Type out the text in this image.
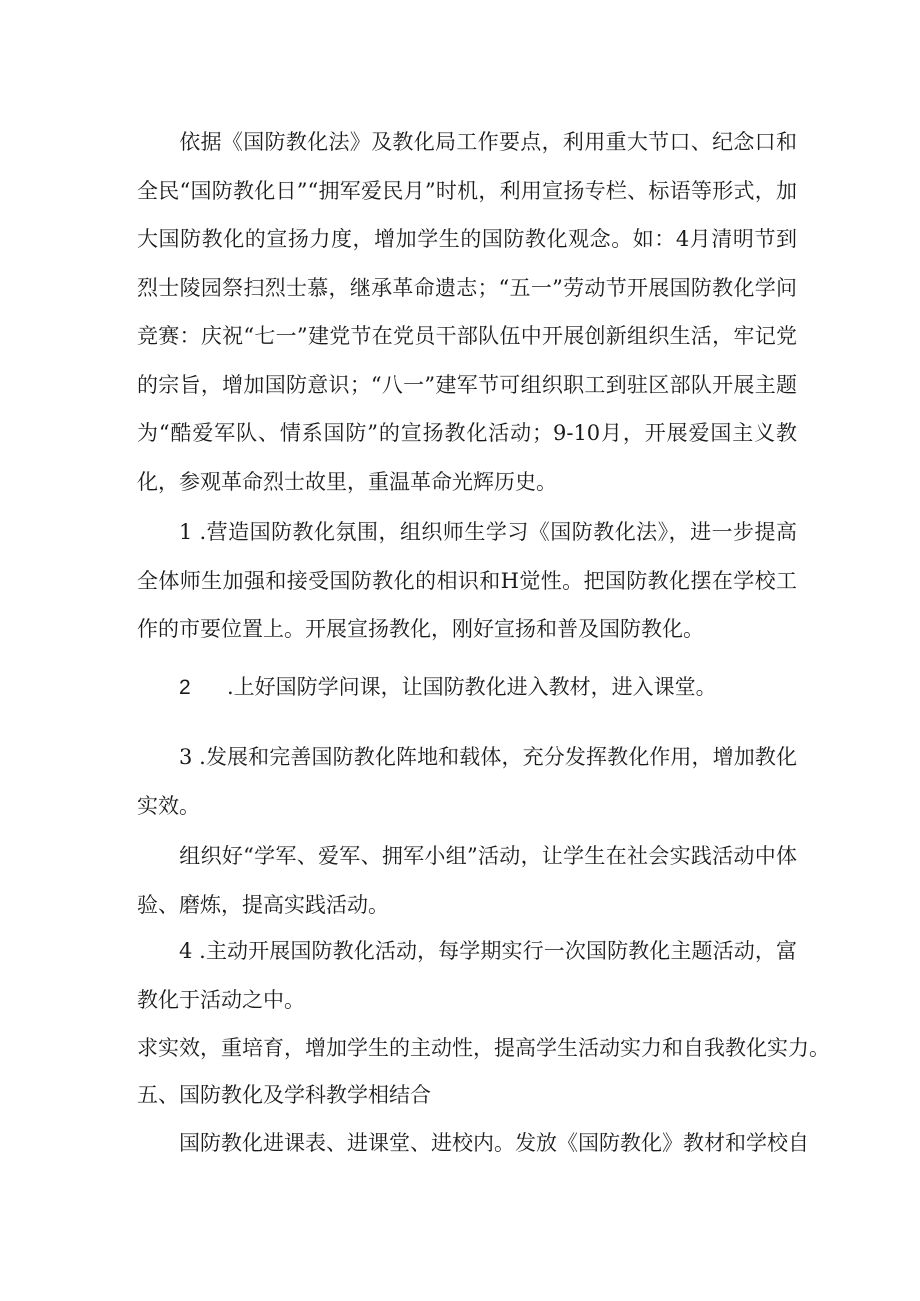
依据《国防教化法》及教化局工作要点，利用重大节口、纪念口和全民“国防教化日”“拥军爱民月”时机，利用宣扬专栏、标语等形式，加大国防教化的宣扬力度，增加学生的国防教化观念。如：4月清明节到烈士陵园祭扫烈士慕，继承革命遗志；“五一”劳动节开展国防教化学问竞赛：庆祝“七一”建党节在党员干部队伍中开展创新组织生活，牢记党的宗旨，增加国防意识；“八一”建军节可组织职工到驻区部队开展主题为“酷爱军队、情系国防”的宣扬教化活动；9-10月，开展爱国主义教化，参观革命烈士故里，重温革命光辉历史。

1 .营造国防教化氛围，组织师生学习《国防教化法》，进一步提高全体师生加强和接受国防教化的相识和H觉性。把国防教化摆在学校工作的市要位置上。开展宣扬教化，刚好宣扬和普及国防教化。

2 .上好国防学问课，让国防教化进入教材，进入课堂。

3 .发展和完善国防教化阵地和载体，充分发挥教化作用，增加教化实效。

组织好“学军、爱军、拥军小组”活动，让学生在社会实践活动中体验、磨炼，提高实践活动。

4 .主动开展国防教化活动，每学期实行一次国防教化主题活动，富教化于活动之中。

求实效，重培育，增加学生的主动性，提高学生活动实力和自我教化实力。

五、国防教化及学科教学相结合

国防教化进课表、进课堂、进校内。发放《国防教化》教材和学校自
